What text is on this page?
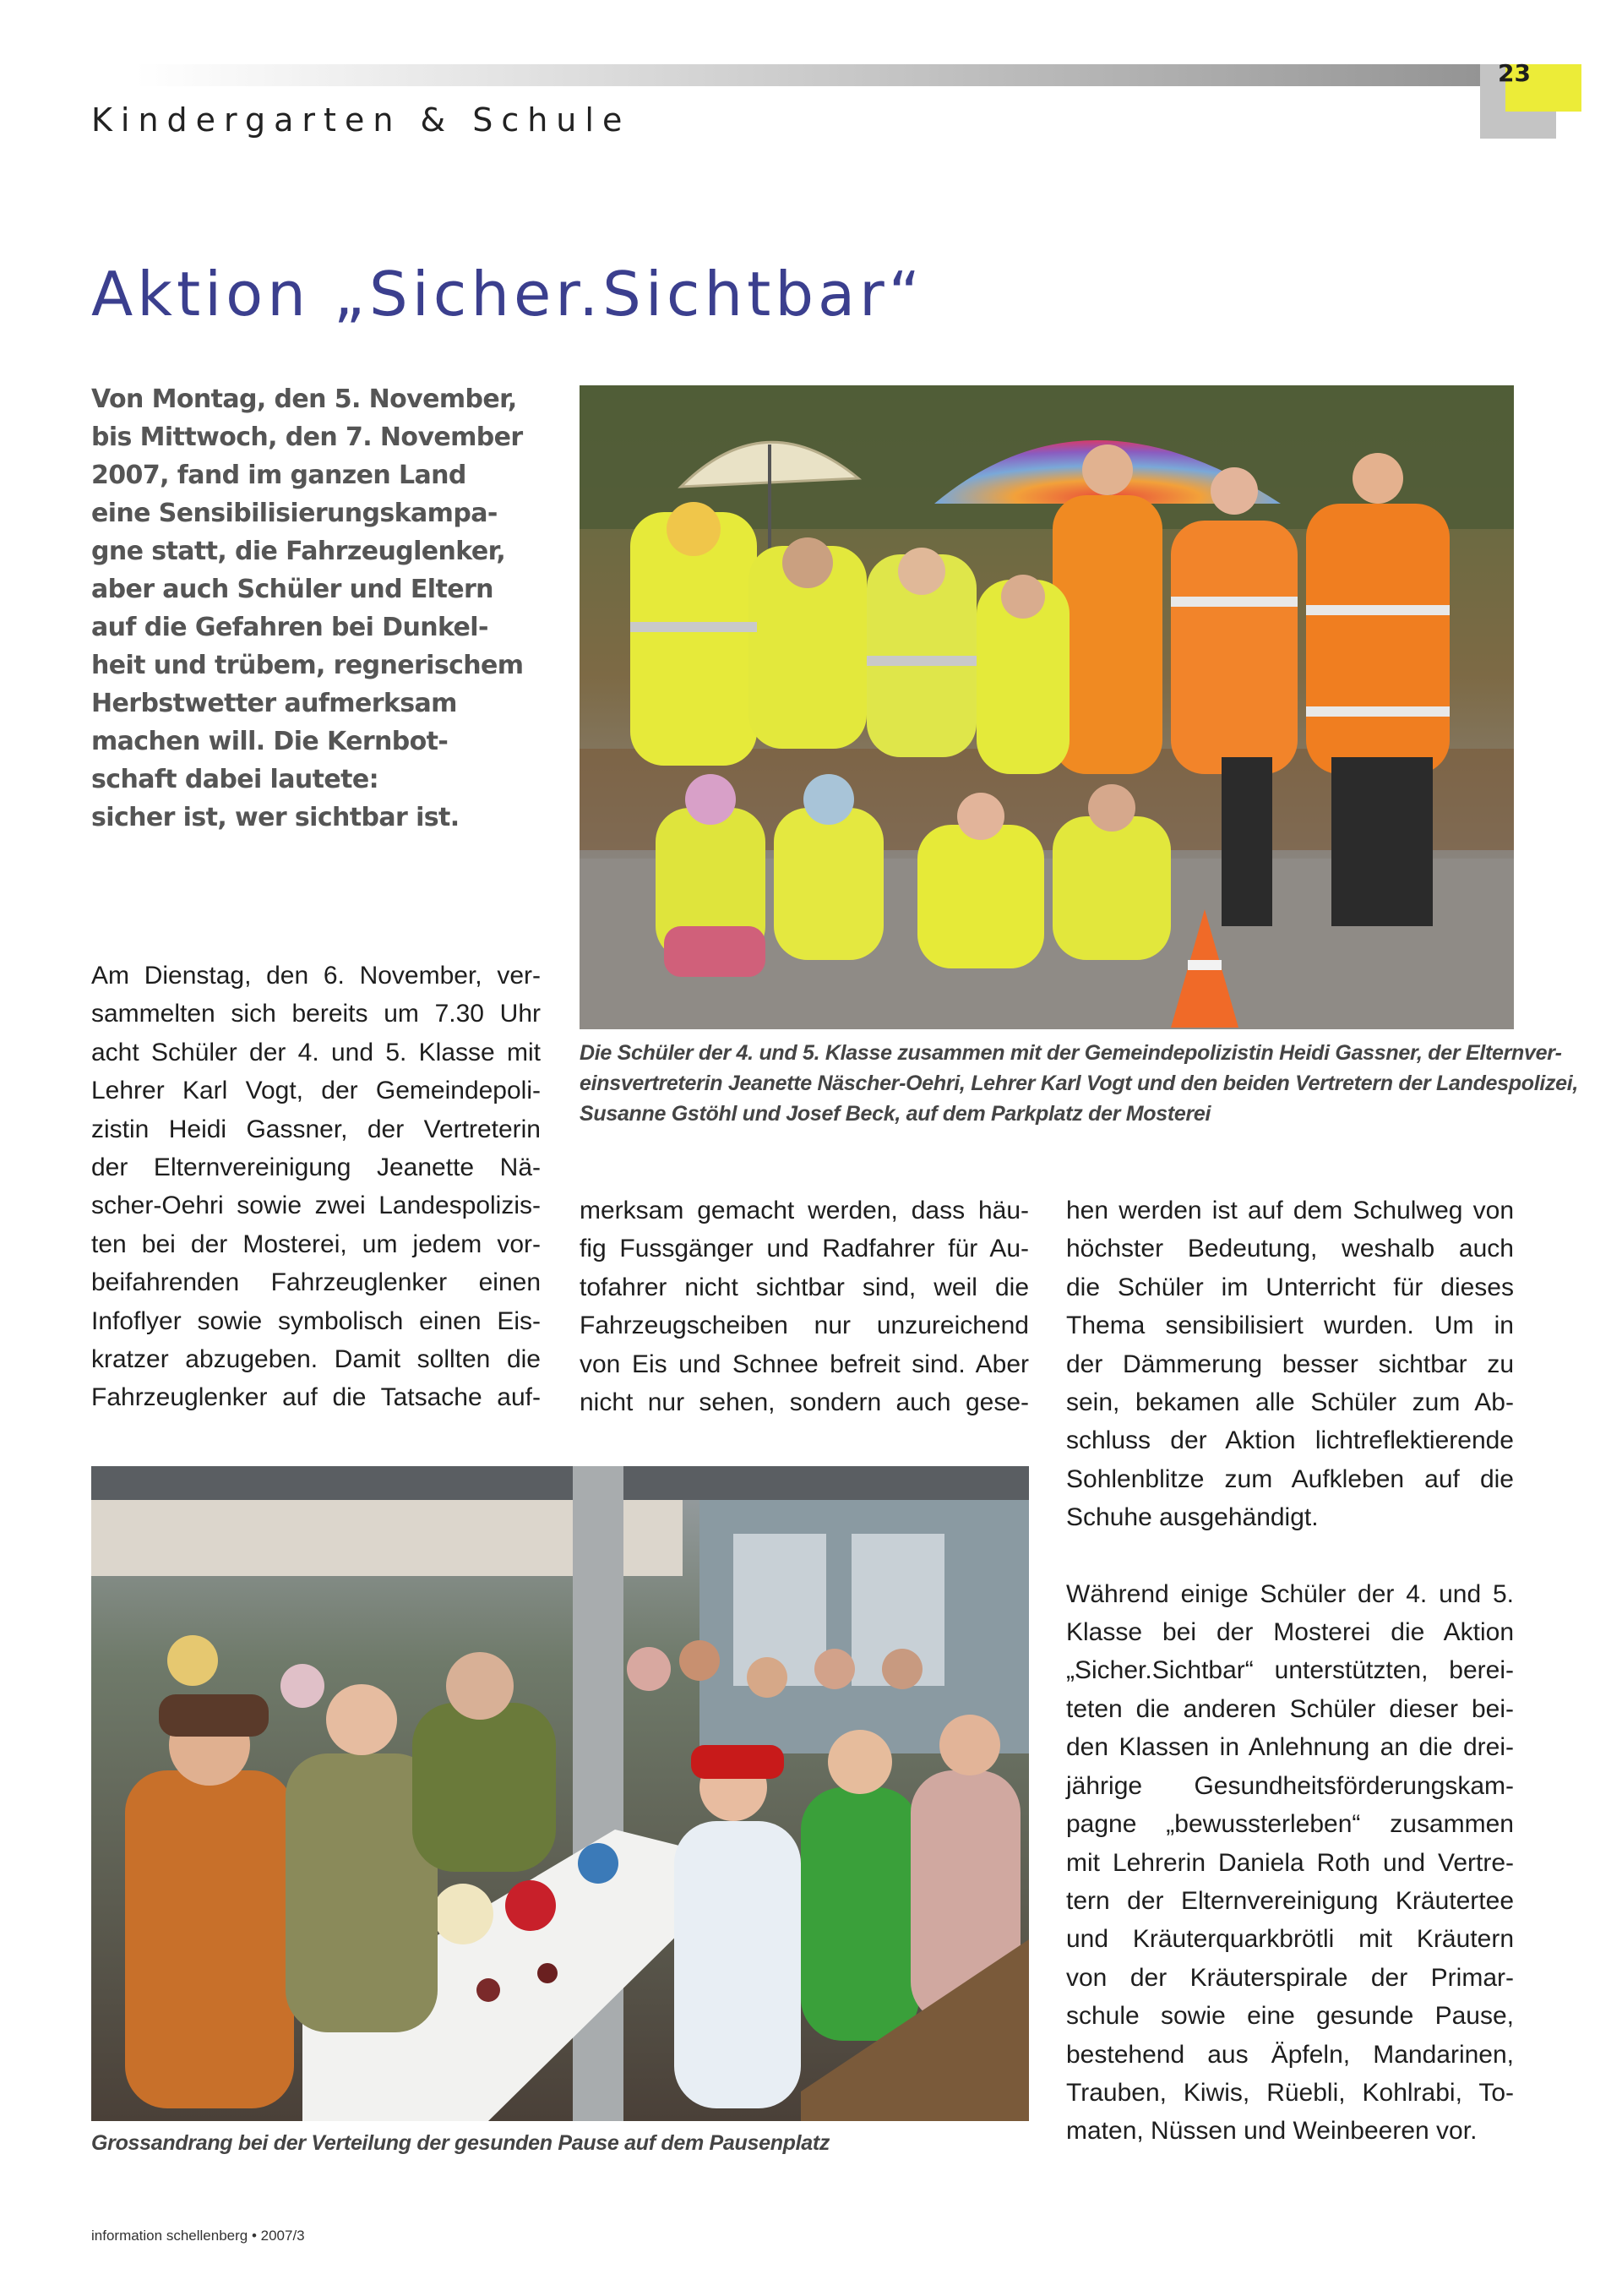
23
Kindergarten & Schule
Aktion „Sicher.Sichtbar“
Von Montag, den 5. November,
bis Mittwoch, den 7. November
2007, fand im ganzen Land
eine Sensibilisierungskampa-
gne statt, die Fahrzeuglenker,
aber auch Schüler und Eltern
auf die Gefahren bei Dunkel-
heit und trübem, regnerischem
Herbstwetter aufmerksam
machen will. Die Kernbot-
schaft dabei lautete:
sicher ist, wer sichtbar ist.
Die Schüler der 4. und 5. Klasse zusammen mit der Gemeindepolizistin Heidi Gassner, der Elternver-
einsvertreterin Jeanette Näscher-Oehri, Lehrer Karl Vogt und den beiden Vertretern der Landespolizei,
Susanne Gstöhl und Josef Beck, auf dem Parkplatz der Mosterei
Am Dienstag, den 6. November, ver-
sammelten sich bereits um 7.30 Uhr
acht Schüler der 4. und 5. Klasse mit
Lehrer Karl Vogt, der Gemeindepoli-
zistin Heidi Gassner, der Vertreterin
der Elternvereinigung Jeanette Nä-
scher-Oehri sowie zwei Landespolizis-
ten bei der Mosterei, um jedem vor-
beifahrenden Fahrzeuglenker einen
Infoflyer sowie symbolisch einen Eis-
kratzer abzugeben. Damit sollten die
Fahrzeuglenker auf die Tatsache auf-
merksam gemacht werden, dass häu-
fig Fussgänger und Radfahrer für Au-
tofahrer nicht sichtbar sind, weil die
Fahrzeugscheiben nur unzureichend
von Eis und Schnee befreit sind. Aber
nicht nur sehen, sondern auch gese-
hen werden ist auf dem Schulweg von
höchster Bedeutung, weshalb auch
die Schüler im Unterricht für dieses
Thema sensibilisiert wurden. Um in
der Dämmerung besser sichtbar zu
sein, bekamen alle Schüler zum Ab-
schluss der Aktion lichtreflektierende
Sohlenblitze zum Aufkleben auf die
Schuhe ausgehändigt.
Während einige Schüler der 4. und 5.
Klasse bei der Mosterei die Aktion
„Sicher.Sichtbar“ unterstützten, berei-
teten die anderen Schüler dieser bei-
den Klassen in Anlehnung an die drei-
jährige Gesundheitsförderungskam-
pagne „bewussterleben“ zusammen
mit Lehrerin Daniela Roth und Vertre-
tern der Elternvereinigung Kräutertee
und Kräuterquarkbrötli mit Kräutern
von der Kräuterspirale der Primar-
schule sowie eine gesunde Pause,
bestehend aus Äpfeln, Mandarinen,
Trauben, Kiwis, Rüebli, Kohlrabi, To-
maten, Nüssen und Weinbeeren vor.
Grossandrang bei der Verteilung der gesunden Pause auf dem Pausenplatz
information schellenberg • 2007/3
